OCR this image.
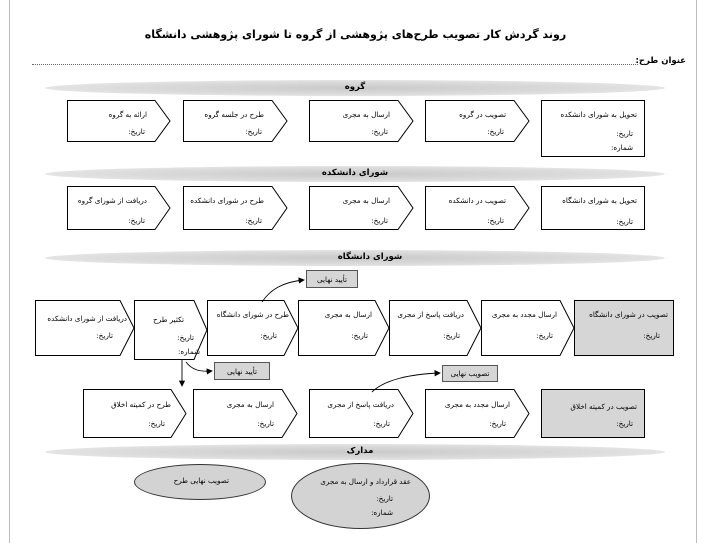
روند گردش کار تصویب طرح‌های پژوهشی از گروه تا شورای پژوهشی دانشگاه
عنوان طرح:
گروه
شورای دانشکده
شورای دانشگاه
مدارک
تحویل به شورای دانشکده
تاریخ:
شماره:
تصویب در گروه
تاریخ:
ارسال به مجری
تاریخ:
طرح در جلسه گروه
تاریخ:
ارائه به گروه
تاریخ:
تحویل به شورای دانشگاه
تاریخ:
تصویب در دانشکده
تاریخ:
ارسال به مجری
تاریخ:
طرح در شورای دانشکده
تاریخ:
دریافت از شورای گروه
تاریخ:
تصویب در شورای دانشگاه
تاریخ:
ارسال مجدد به مجری
تاریخ:
دریافت پاسخ از مجری
تاریخ:
ارسال به مجری
تاریخ:
طرح در شورای دانشگاه
تاریخ:
تکثیر طرح
تاریخ:
شماره:
دریافت از شورای دانشکده
تاریخ:
تصویب در کمیته اخلاق
تاریخ:
ارسال مجدد به مجری
تاریخ:
دریافت پاسخ از مجری
تاریخ:
ارسال به مجری
تاریخ:
طرح در کمیته اخلاق
تاریخ:
تأیید نهایی
تأیید نهایی	تصویب نهایی
تصویب نهایی طرح	عقد قرارداد و ارسال به مجری
تاریخ:
شماره:
